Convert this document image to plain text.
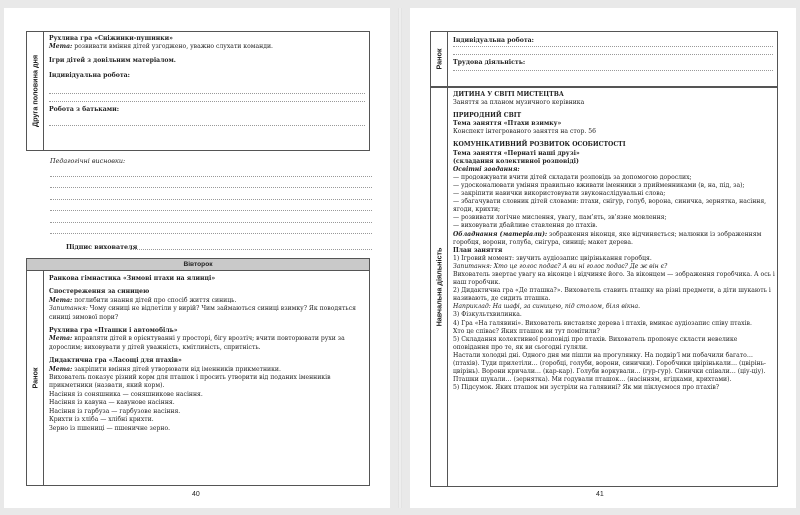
Друга половина дня
Рухлива гра «Сніжинки-пушинки»
Мета: розвивати вміння дітей узгоджено, уважно слухати команди.
Ігри дітей з довільним матеріалом.
Індивідуальна робота:
Робота з батьками:
Педагогічні висновки:
Підпис вихователя
Вівторок
Ранок
Ранкова гімнастика «Зимові птахи на ялинці»
Спостереження за синицею
Мета: поглибити знання дітей про спосіб життя синиць.
Запитання: Чому синиці не відлетіли у вирій? Чим займаються синиці взимку? Як поводяться синиці зимової пори?
Рухлива гра «Пташки і автомобіль»
Мета: вправляти дітей в орієнтуванні у просторі, бігу врозтіч; вчити повторювати рухи за дорослим; виховувати у дітей уважність, кмітливість, спритність.
Дидактична гра «Ласощі для птахів»
Мета: закріпити вміння дітей утворювати від іменників прикметники.
Вихователь показує різний корм для пташок і просить утворити від поданих іменників прикметники (назвати, який корм).
Насіння із соняшника — соняшникове насіння.
Насіння із кавуна — кавунове насіння.
Насіння із гарбуза — гарбузове насіння.
Крихти із хліба — хлібні крихти.
Зерно із пшениці — пшеничне зерно.
40
Ранок
Індивідуальна робота:
Трудова діяльність:
Навчальна діяльність
ДИТИНА У СВІТІ МИСТЕЦТВА
Заняття за планом музичного керівника
ПРИРОДНИЙ СВІТ
Тема заняття «Птахи взимку»
Конспект інтегрованого заняття на стор. 56
КОМУНІКАТИВНИЙ РОЗВИТОК ОСОБИСТОСТІ
Тема заняття «Пернаті наші друзі»
(складання колективної розповіді)
Освітні завдання:
— продовжувати вчити дітей складати розповідь за допомогою дорослих;
— удосконалювати уміння правильно вживати іменники з прийменниками (в, на, під, за);
— закріпити навички використовувати звуконаслідувальні слова;
— збагачувати словник дітей словами: птахи, снігур, голуб, ворона, синичка, зерняткa, насіння, ягоди, крихти;
— розвивати логічне мислення, увагу, пам’ять, зв’язне мовлення;
— виховувати дбайливе ставлення до птахів.
Обладнання (матеріали): зображення віконця, яке відчиняється; малюнки із зображенням горобця, ворони, голуба, снігура, синиці; макет дерева.
План заняття
1) Ігровий момент: звучить аудіозапис цвірінькання горобця.
Запитання: Хто це голос подає? А ви ні голос подає? Де ж він є?
Вихователь звертає увагу на віконце і відчиняє його. За віконцем — зображення горобчика. А ось і наш горобчик.
2) Дидактична гра «Де пташка?». Вихователь ставить пташку на різні предмети, а діти шукають і називають, де сидить пташка.
Наприклад: На шафі, за синицею, під столом, біля вікна.
3) Фізкультхвилинка.
4) Гра «На галявині». Вихователь виставляє дерева і птахів, вмикає аудіозапис співу птахів.
Хто це співає? Яких пташок ви тут помітили?
5) Складання колективної розповіді про птахів. Вихователь пропонує скласти невелике оповідання про те, як ви сьогодні гуляли.
Настали холодні дні. Одного дня ми пішли на прогулянку. На подвір’ї ми побачили багато… (птахів). Туди прилетіли… (горобці, голуби, ворони, синички). Горобчики цвірінькали… (цвірінь-цвірінь). Ворони кричали… (кар-кар). Голуби воркували… (гур-гур). Синички співали… (ціу-ціу). Пташки шукали… (зернятка). Ми годували пташок… (насінням, ягідками, крихтами).
5) Підсумок. Яких пташок ми зустріли на галявині? Як ми піклуємося про птахів?
41
